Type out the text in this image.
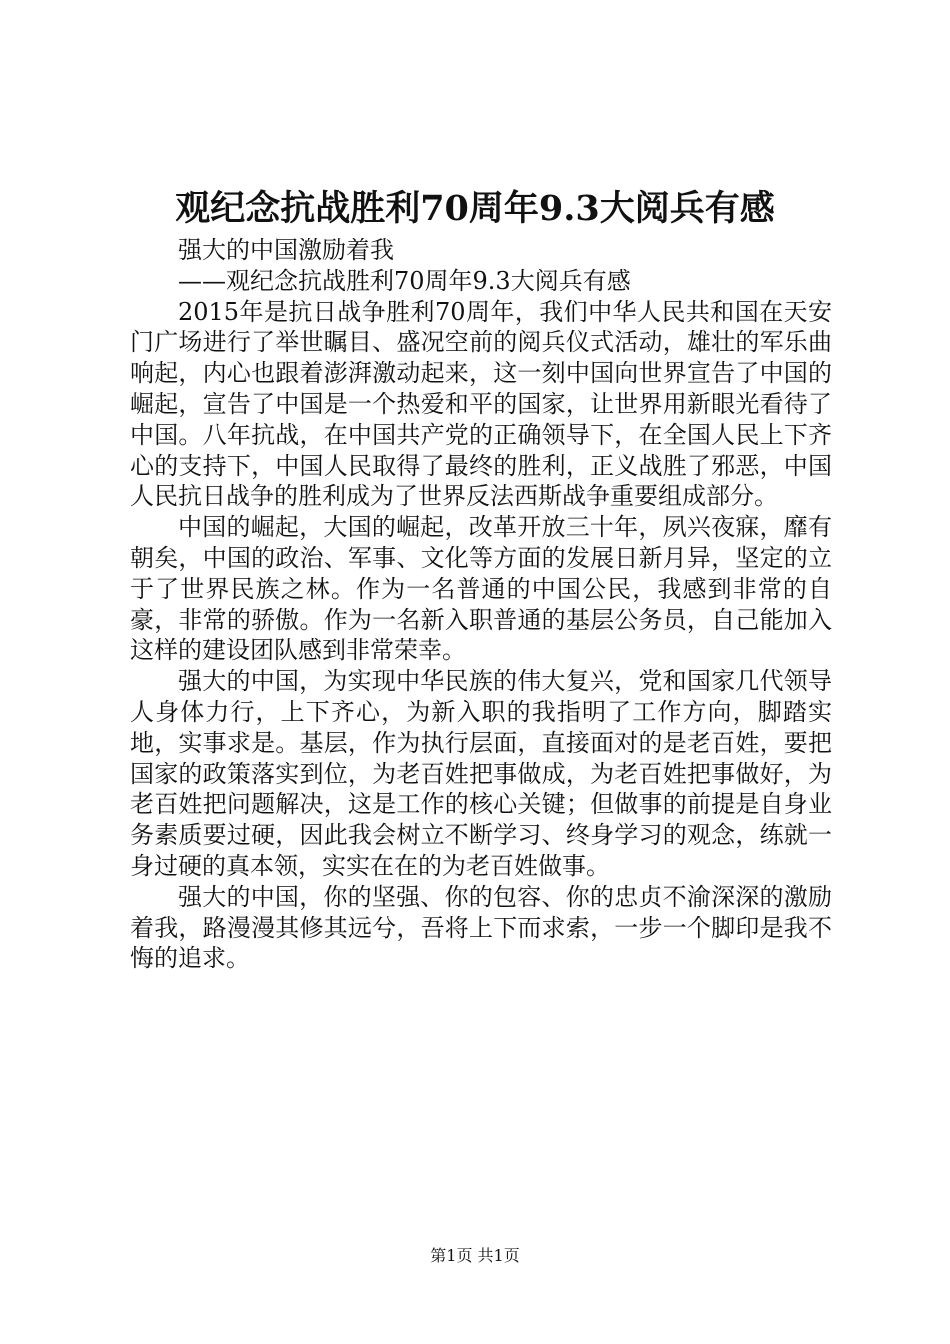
观纪念抗战胜利70周年9.3大阅兵有感

强大的中国激励着我

——观纪念抗战胜利70周年9.3大阅兵有感

2015年是抗日战争胜利70周年，我们中华人民共和国在天安门广场进行了举世瞩目、盛况空前的阅兵仪式活动，雄壮的军乐曲响起，内心也跟着澎湃激动起来，这一刻中国向世界宣告了中国的崛起，宣告了中国是一个热爱和平的国家，让世界用新眼光看待了中国。八年抗战，在中国共产党的正确领导下，在全国人民上下齐心的支持下，中国人民取得了最终的胜利，正义战胜了邪恶，中国人民抗日战争的胜利成为了世界反法西斯战争重要组成部分。

中国的崛起，大国的崛起，改革开放三十年，夙兴夜寐，靡有朝矣，中国的政治、军事、文化等方面的发展日新月异，坚定的立于了世界民族之林。作为一名普通的中国公民，我感到非常的自豪，非常的骄傲。作为一名新入职普通的基层公务员，自己能加入这样的建设团队感到非常荣幸。

强大的中国，为实现中华民族的伟大复兴，党和国家几代领导人身体力行，上下齐心，为新入职的我指明了工作方向，脚踏实地，实事求是。基层，作为执行层面，直接面对的是老百姓，要把国家的政策落实到位，为老百姓把事做成，为老百姓把事做好，为老百姓把问题解决，这是工作的核心关键；但做事的前提是自身业务素质要过硬，因此我会树立不断学习、终身学习的观念，练就一身过硬的真本领，实实在在的为老百姓做事。

强大的中国，你的坚强、你的包容、你的忠贞不渝深深的激励着我，路漫漫其修其远兮，吾将上下而求索，一步一个脚印是我不悔的追求。

第1页 共1页
